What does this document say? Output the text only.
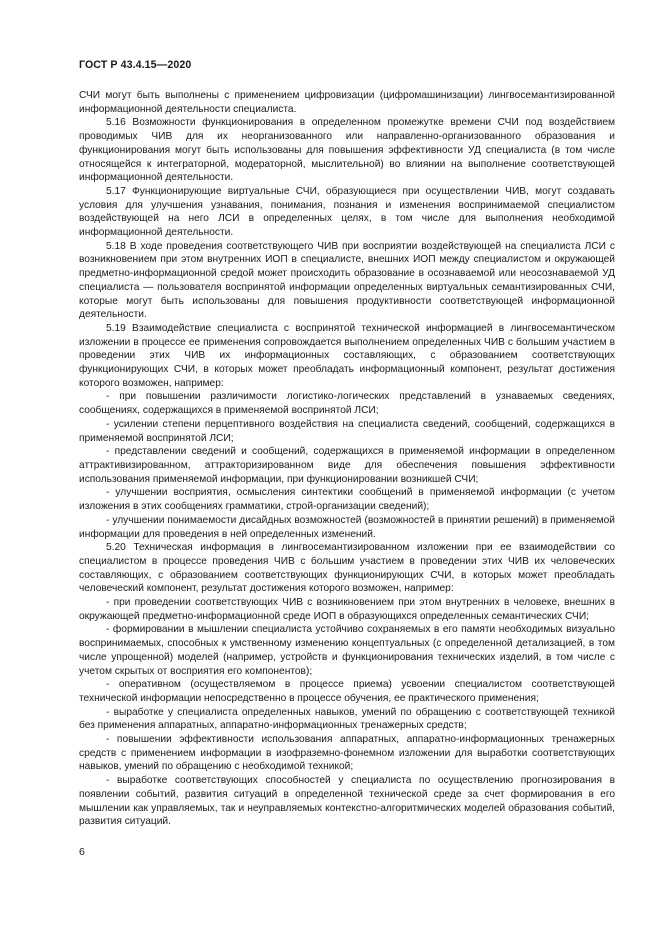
ГОСТ Р 43.4.15—2020

СЧИ могут быть выполнены с применением цифровизации (цифромашинизации) лингвосемантизированной информационной деятельности специалиста.

5.16 Возможности функционирования в определенном промежутке времени СЧИ под воздействием проводимых ЧИВ для их неорганизованного или направленно-организованного образования и функционирования могут быть использованы для повышения эффективности УД специалиста (в том числе относящейся к интеграторной, модераторной, мыслительной) во влиянии на выполнение соответствующей информационной деятельности.

5.17 Функционирующие виртуальные СЧИ, образующиеся при осуществлении ЧИВ, могут создавать условия для улучшения узнавания, понимания, познания и изменения воспринимаемой специалистом воздействующей на него ЛСИ в определенных целях, в том числе для выполнения необходимой информационной деятельности.

5.18 В ходе проведения соответствующего ЧИВ при восприятии воздействующей на специалиста ЛСИ с возникновением при этом внутренних ИОП в специалисте, внешних ИОП между специалистом и окружающей предметно-информационной средой может происходить образование в осознаваемой или неосознаваемой УД специалиста — пользователя воспринятой информации определенных виртуальных семантизированных СЧИ, которые могут быть использованы для повышения продуктивности соответствующей информационной деятельности.

5.19 Взаимодействие специалиста с воспринятой технической информацией в лингвосемантическом изложении в процессе ее применения сопровождается выполнением определенных ЧИВ с большим участием в проведении этих ЧИВ их информационных составляющих, с образованием соответствующих функционирующих СЧИ, в которых может преобладать информационный компонент, результат достижения которого возможен, например:

- при повышении различимости логистико-логических представлений в узнаваемых сведениях, сообщениях, содержащихся в применяемой воспринятой ЛСИ;

- усилении степени перцептивного воздействия на специалиста сведений, сообщений, содержащихся в применяемой воспринятой ЛСИ;

- представлении сведений и сообщений, содержащихся в применяемой информации в определенном аттрактивизированном, аттракторизированном виде для обеспечения повышения эффективности использования применяемой информации, при функционировании возникшей СЧИ;

- улучшении восприятия, осмысления синтектики сообщений в применяемой информации (с учетом изложения в этих сообщениях грамматики, строй-организации сведений);

- улучшении понимаемости дисайдных возможностей (возможностей в принятии решений) в применяемой информации для проведения в ней определенных изменений.

5.20 Техническая информация в лингвосемантизированном изложении при ее взаимодействии со специалистом в процессе проведения ЧИВ с большим участием в проведении этих ЧИВ их человеческих составляющих, с образованием соответствующих функционирующих СЧИ, в которых может преобладать человеческий компонент, результат достижения которого возможен, например:

- при проведении соответствующих ЧИВ с возникновением при этом внутренних в человеке, внешних в окружающей предметно-информационной среде ИОП в образующихся определенных семантических СЧИ;

- формировании в мышлении специалиста устойчиво сохраняемых в его памяти необходимых визуально воспринимаемых, способных к умственному изменению концептуальных (с определенной детализацией, в том числе упрощенной) моделей (например, устройств и функционирования технических изделий, в том числе с учетом скрытых от восприятия его компонентов);

- оперативном (осуществляемом в процессе приема) усвоении специалистом соответствующей технической информации непосредственно в процессе обучения, ее практического применения;

- выработке у специалиста определенных навыков, умений по обращению с соответствующей техникой без применения аппаратных, аппаратно-информационных тренажерных средств;

- повышении эффективности использования аппаратных, аппаратно-информационных тренажерных средств с применением информации в изофраземно-фонемном изложении для выработки соответствующих навыков, умений по обращению с необходимой техникой;

- выработке соответствующих способностей у специалиста по осуществлению прогнозирования в появлении событий, развития ситуаций в определенной технической среде за счет формирования в его мышлении как управляемых, так и неуправляемых контекстно-алгоритмических моделей образования событий, развития ситуаций.

6
